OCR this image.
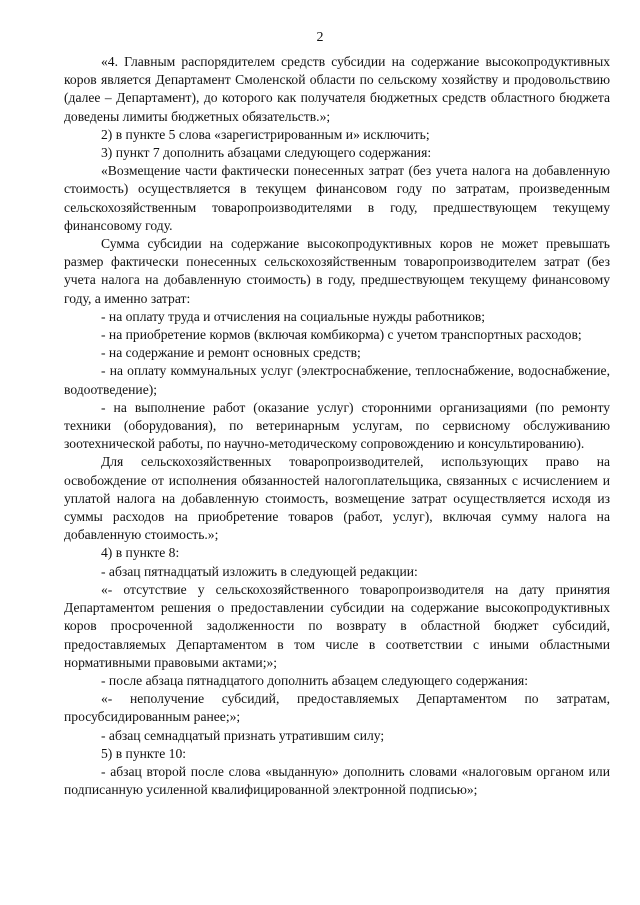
2

«4. Главным распорядителем средств субсидии на содержание высокопродуктивных коров является Департамент Смоленской области по сельскому хозяйству и продовольствию (далее – Департамент), до которого как получателя бюджетных средств областного бюджета доведены лимиты бюджетных обязательств.»;

2) в пункте 5 слова «зарегистрированным и» исключить;

3) пункт 7 дополнить абзацами следующего содержания:

«Возмещение части фактически понесенных затрат (без учета налога на добавленную стоимость) осуществляется в текущем финансовом году по затратам, произведенным сельскохозяйственным товаропроизводителями в году, предшествующем текущему финансовому году.

Сумма субсидии на содержание высокопродуктивных коров не может превышать размер фактически понесенных сельскохозяйственным товаропроизводителем затрат (без учета налога на добавленную стоимость) в году, предшествующем текущему финансовому году, а именно затрат:

- на оплату труда и отчисления на социальные нужды работников;

- на приобретение кормов (включая комбикорма) с учетом транспортных расходов;

- на содержание и ремонт основных средств;

- на оплату коммунальных услуг (электроснабжение, теплоснабжение, водоснабжение, водоотведение);

- на выполнение работ (оказание услуг) сторонними организациями (по ремонту техники (оборудования), по ветеринарным услугам, по сервисному обслуживанию зоотехнической работы, по научно-методическому сопровождению и консультированию).

Для сельскохозяйственных товаропроизводителей, использующих право на освобождение от исполнения обязанностей налогоплательщика, связанных с исчислением и уплатой налога на добавленную стоимость, возмещение затрат осуществляется исходя из суммы расходов на приобретение товаров (работ, услуг), включая сумму налога на добавленную стоимость.»;

4) в пункте 8:

- абзац пятнадцатый изложить в следующей редакции:

«- отсутствие у сельскохозяйственного товаропроизводителя на дату принятия Департаментом решения о предоставлении субсидии на содержание высокопродуктивных коров просроченной задолженности по возврату в областной бюджет субсидий, предоставляемых Департаментом в том числе в соответствии с иными областными нормативными правовыми актами;»;

- после абзаца пятнадцатого дополнить абзацем следующего содержания:

«- неполучение субсидий, предоставляемых Департаментом по затратам, просубсидированным ранее;»;

- абзац семнадцатый признать утратившим силу;

5) в пункте 10:

- абзац второй после слова «выданную» дополнить словами «налоговым органом или подписанную усиленной квалифицированной электронной подписью»;
